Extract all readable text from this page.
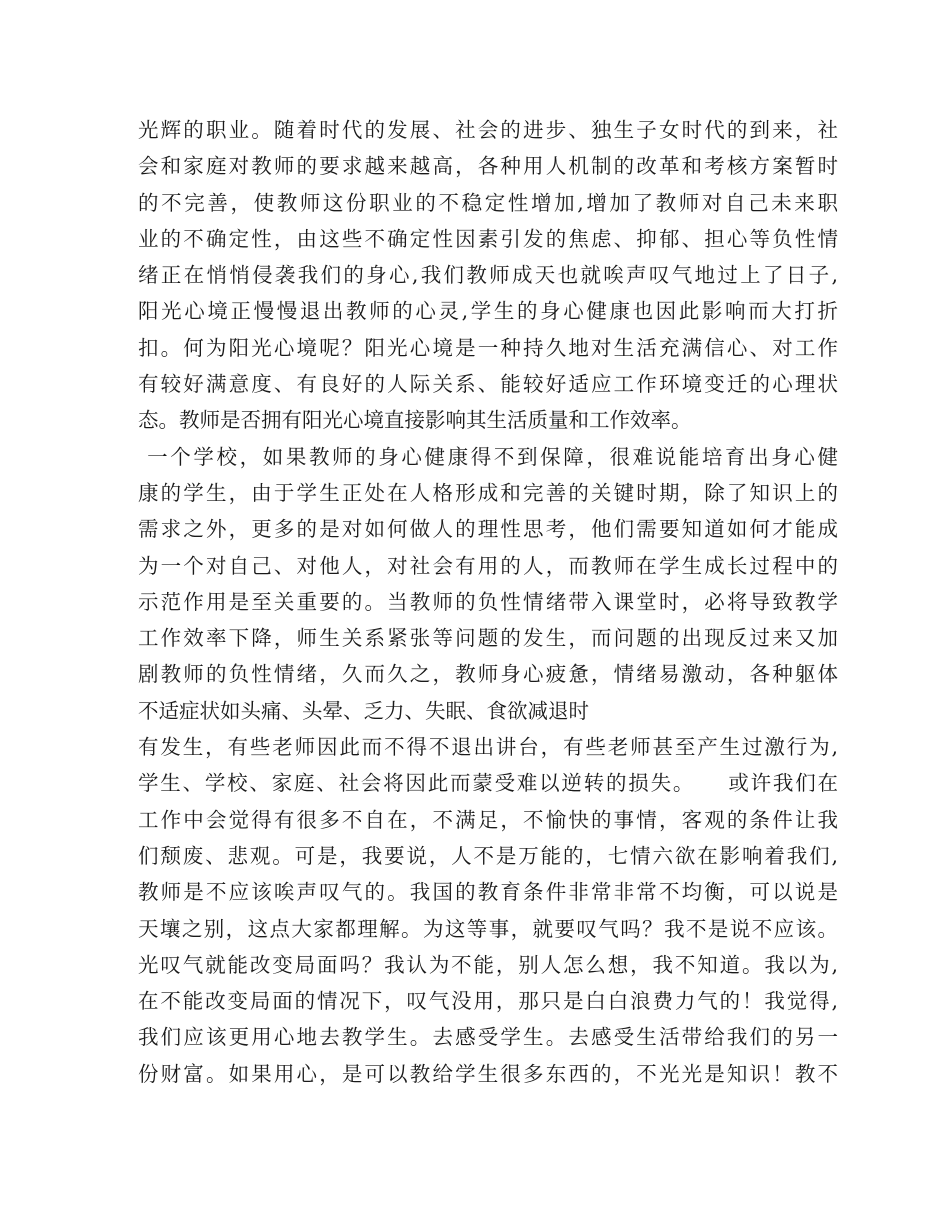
光辉的职业。随着时代的发展、社会的进步、独生子女时代的到来，社
会和家庭对教师的要求越来越高，各种用人机制的改革和考核方案暂时
的不完善，使教师这份职业的不稳定性增加,增加了教师对自己未来职
业的不确定性，由这些不确定性因素引发的焦虑、抑郁、担心等负性情
绪正在悄悄侵袭我们的身心,我们教师成天也就唉声叹气地过上了日子,
阳光心境正慢慢退出教师的心灵,学生的身心健康也因此影响而大打折
扣。何为阳光心境呢？阳光心境是一种持久地对生活充满信心、对工作
有较好满意度、有良好的人际关系、能较好适应工作环境变迁的心理状
态。教师是否拥有阳光心境直接影响其生活质量和工作效率。
一个学校，如果教师的身心健康得不到保障，很难说能培育出身心健
康的学生，由于学生正处在人格形成和完善的关键时期，除了知识上的
需求之外，更多的是对如何做人的理性思考，他们需要知道如何才能成
为一个对自己、对他人，对社会有用的人，而教师在学生成长过程中的
示范作用是至关重要的。当教师的负性情绪带入课堂时，必将导致教学
工作效率下降，师生关系紧张等问题的发生，而问题的出现反过来又加
剧教师的负性情绪，久而久之，教师身心疲惫，情绪易激动，各种躯体
不适症状如头痛、头晕、乏力、失眠、食欲减退时
有发生，有些老师因此而不得不退出讲台，有些老师甚至产生过激行为,
学生、学校、家庭、社会将因此而蒙受难以逆转的损失。    或许我们在
工作中会觉得有很多不自在，不满足，不愉快的事情，客观的条件让我
们颓废、悲观。可是，我要说，人不是万能的，七情六欲在影响着我们,
教师是不应该唉声叹气的。我国的教育条件非常非常不均衡，可以说是
天壤之别，这点大家都理解。为这等事，就要叹气吗？我不是说不应该。
光叹气就能改变局面吗？我认为不能，别人怎么想，我不知道。我以为,
在不能改变局面的情况下，叹气没用，那只是白白浪费力气的！我觉得,
我们应该更用心地去教学生。去感受学生。去感受生活带给我们的另一
份财富。如果用心，是可以教给学生很多东西的，不光光是知识！教不
